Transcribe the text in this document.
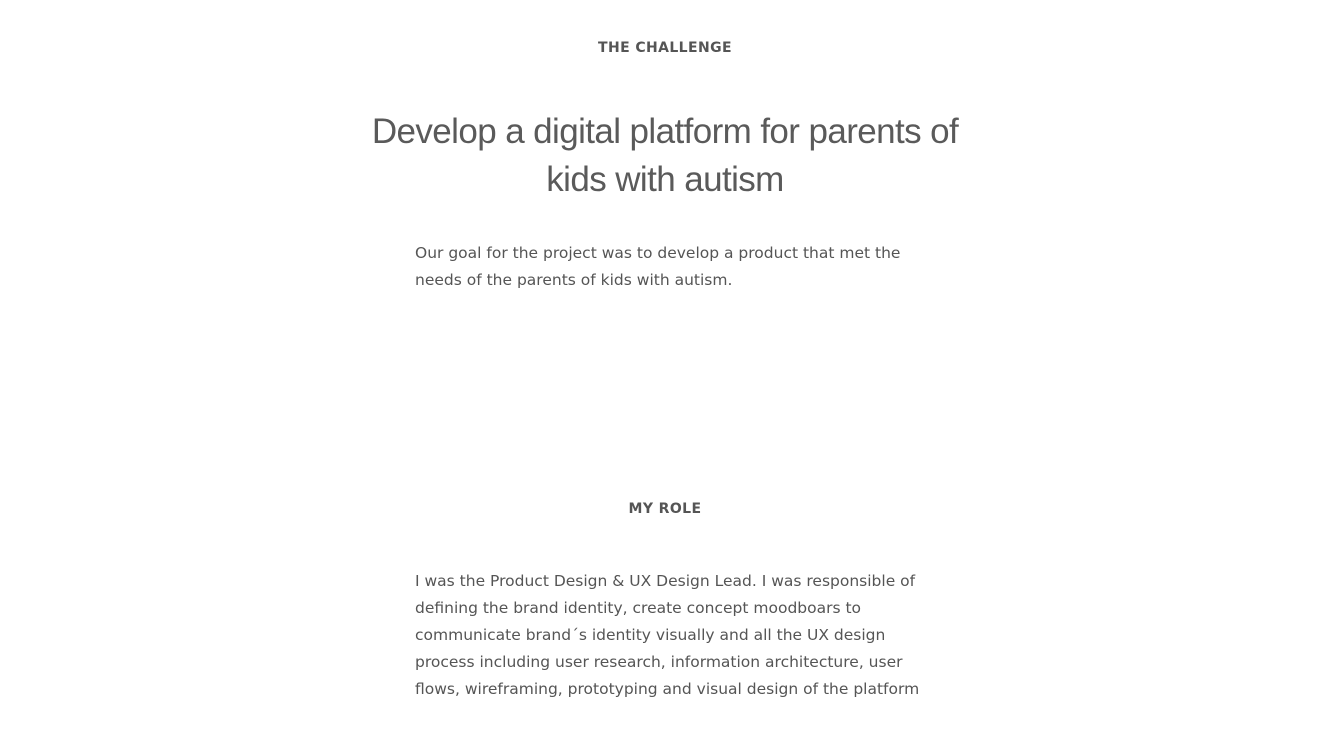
THE CHALLENGE
Develop a digital platform for parents of kids with autism

Our goal for the project was to develop a product that met the needs of the parents of kids with autism.

MY ROLE

I was the Product Design & UX Design Lead. I was responsible of defining the brand identity, create concept moodboars to communicate brand´s identity visually and all the UX design process including user research, information architecture, user flows, wireframing, prototyping and visual design of the platform
